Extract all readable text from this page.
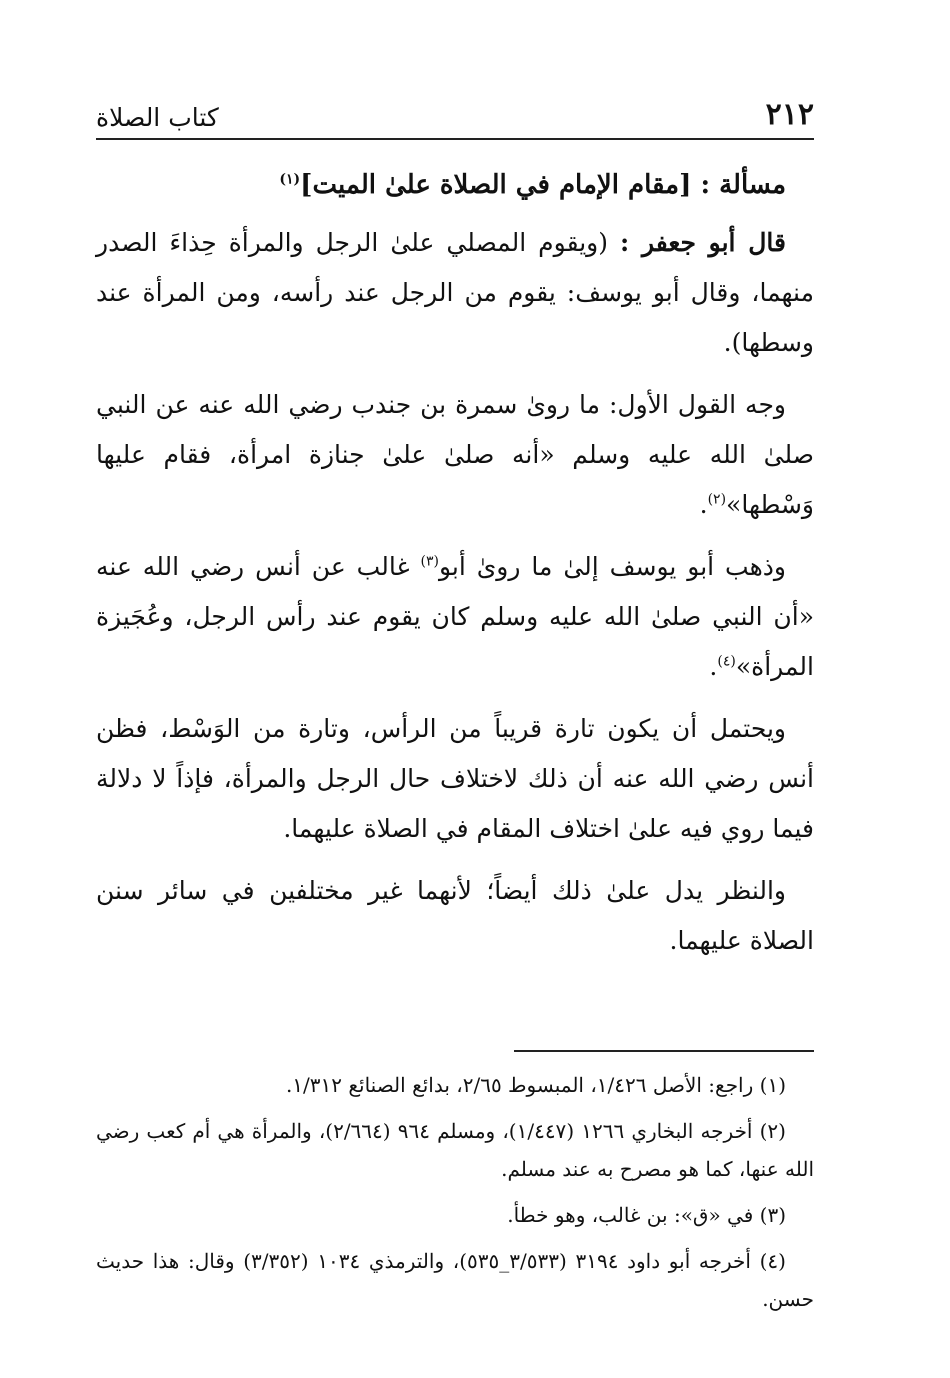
٢١٢
كتاب الصلاة

مسألة : [مقام الإمام في الصلاة علىٰ الميت]$^{(١)}$

قال أبو جعفر : (ويقوم المصلي علىٰ الرجل والمرأة حِذاءَ الصدر منهما، وقال أبو يوسف: يقوم من الرجل عند رأسه، ومن المرأة عند وسطها).

وجه القول الأول: ما روىٰ سمرة بن جندب رضي الله عنه عن النبي صلىٰ الله عليه وسلم «أنه صلىٰ علىٰ جنازة امرأة، فقام عليها وَسْطها»$^{(٢)}$.

وذهب أبو يوسف إلىٰ ما روىٰ أبو$^{(٣)}$ غالب عن أنس رضي الله عنه «أن النبي صلىٰ الله عليه وسلم كان يقوم عند رأس الرجل، وعُجَيزة المرأة»$^{(٤)}$.

ويحتمل أن يكون تارة قريباً من الرأس، وتارة من الوَسْط، فظن أنس رضي الله عنه أن ذلك لاختلاف حال الرجل والمرأة، فإذاً لا دلالة فيما روي فيه علىٰ اختلاف المقام في الصلاة عليهما.

والنظر يدل علىٰ ذلك أيضاً؛ لأنهما غير مختلفين في سائر سنن الصلاة عليهما.

(١) راجع: الأصل ١/٤٢٦، المبسوط ٢/٦٥، بدائع الصنائع ١/٣١٢.

(٢) أخرجه البخاري ١٢٦٦ (١/٤٤٧)، ومسلم ٩٦٤ (٢/٦٦٤)، والمرأة هي أم كعب رضي الله عنها، كما هو مصرح به عند مسلم.

(٣) في «ق»: بن غالب، وهو خطأ.

(٤) أخرجه أبو داود ٣١٩٤ (٣/٥٣٣_٥٣٥)، والترمذي ١٠٣٤ (٣/٣٥٢) وقال: هذا حديث حسن.
